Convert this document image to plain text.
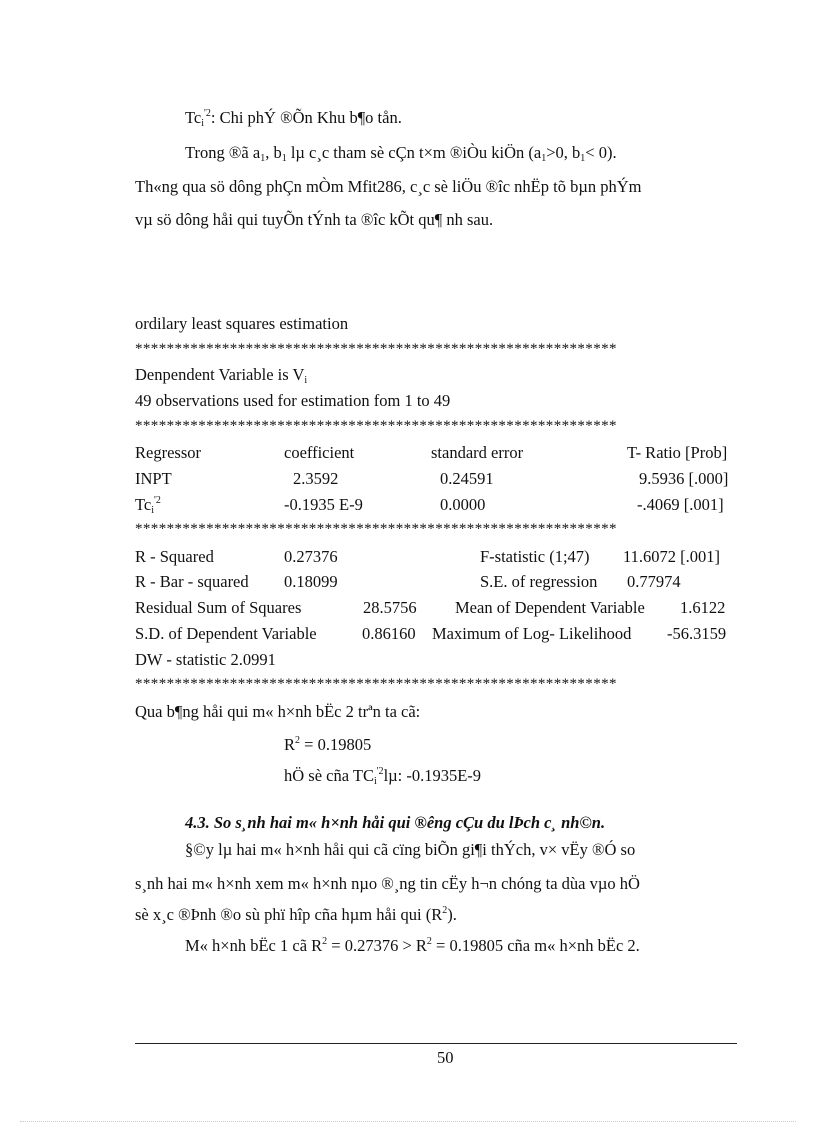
$Tc_i^{'2}$: Chi phÝ ®Õn Khu b¶o tån.
Trong ®ã $a_1$, $b_1$ lµ c¸c tham sè cÇn t×m ®iÒu kiÖn ($a_1>0$, $b_1< 0$).
Th«ng qua sö dông phÇn mÒm Mfit286, c¸c sè liÖu ®îc nhËp tõ bµn phÝm
vµ sö dông håi qui tuyÕn tÝnh ta ®îc kÕt qu¶ nh sau.
ordilary least squares estimation
*************************************************************
Denpendent Variable is $V_i$
49 observations used for estimation fom 1 to 49
*************************************************************
Regressor	coefficient	standard error	T- Ratio [Prob]
INPT	2.3592	0.24591	9.5936 [.000]
$Tc_i^{'2}$	-0.1935 E-9	0.0000	-.4069 [.001]
*************************************************************
R - Squared	0.27376	F-statistic (1;47) 11.6072 [.001]
R - Bar - squared 0.18099	S.E. of regression 0.77974
Residual Sum of Squares	28.5756 Mean of Dependent Variable 1.6122
S.D. of Dependent Variable	0.86160 Maximum of Log- Likelihood -56.3159
DW - statistic 2.0991
*************************************************************
Qua b¶ng håi qui m« h×nh bËc 2 trªn ta cã:
$R^2 = 0.19805$
hÖ sè cña $TC_i^{'2}l\mu$: -0.1935E-9
4.3. So s¸nh hai m« h×nh håi qui ®êng cÇu du lÞch c¸ nh©n.
§©y lµ hai m« h×nh håi qui cã cïng biÕn gi¶i thÝch, v× vËy ®Ó so
s¸nh hai m« h×nh xem m« h×nh nµo ®¸ng tin cËy h¬n chóng ta dùa vµo hÖ
sè x¸c ®Þnh ®o sù phï hîp cña hµm håi qui $(R^2)$.
M« h×nh bËc 1 cã $R^2 = 0.27376 > R^2 = 0.19805$ cña m« h×nh bËc 2.
50
